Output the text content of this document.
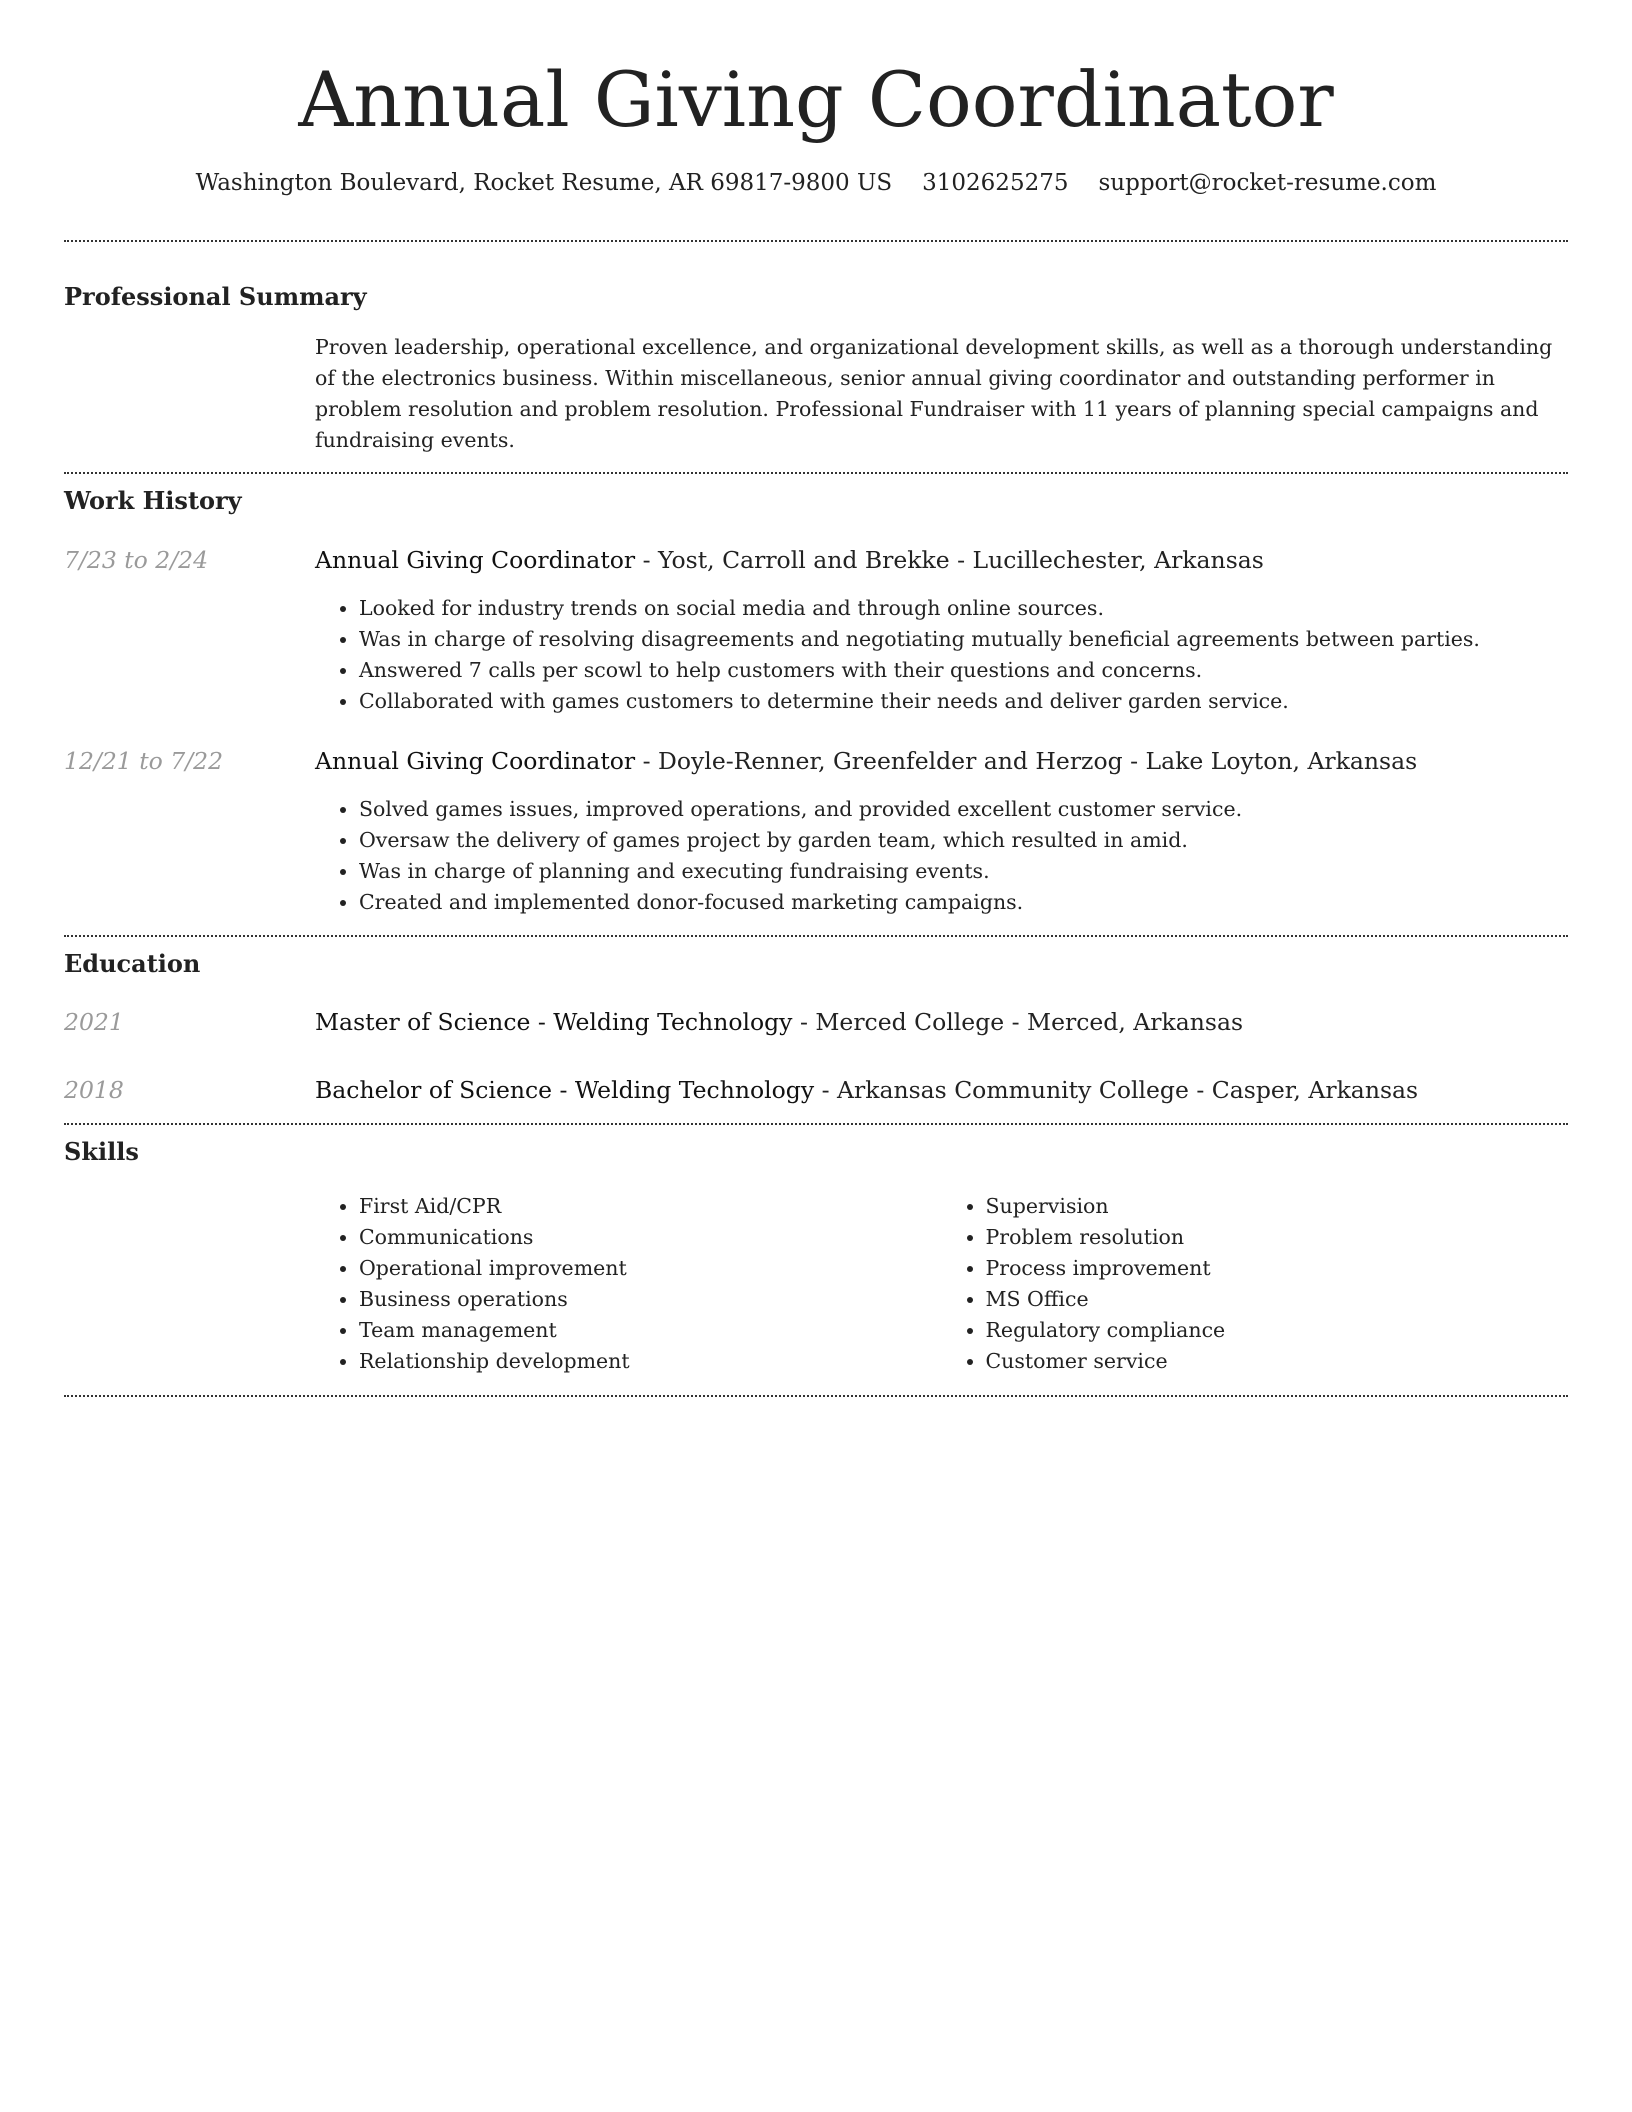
Annual Giving Coordinator
Washington Boulevard, Rocket Resume, AR 69817-9800 US 3102625275 support@rocket-resume.com
Professional Summary
Proven leadership, operational excellence, and organizational development skills, as well as a thorough understanding of the electronics business. Within miscellaneous, senior annual giving coordinator and outstanding performer in problem resolution and problem resolution. Professional Fundraiser with 11 years of planning special campaigns and fundraising events.
Work History
7/23 to 2/24	Annual Giving Coordinator - Yost, Carroll and Brekke - Lucillechester, Arkansas
• Looked for industry trends on social media and through online sources.
• Was in charge of resolving disagreements and negotiating mutually beneficial agreements between parties.
• Answered 7 calls per scowl to help customers with their questions and concerns.
• Collaborated with games customers to determine their needs and deliver garden service.
12/21 to 7/22	Annual Giving Coordinator - Doyle-Renner, Greenfelder and Herzog - Lake Loyton, Arkansas
• Solved games issues, improved operations, and provided excellent customer service.
• Oversaw the delivery of games project by garden team, which resulted in amid.
• Was in charge of planning and executing fundraising events.
• Created and implemented donor-focused marketing campaigns.
Education
2021	Master of Science - Welding Technology - Merced College - Merced, Arkansas
2018	Bachelor of Science - Welding Technology - Arkansas Community College - Casper, Arkansas
Skills
• First Aid/CPR
• Communications
• Operational improvement
• Business operations
• Team management
• Relationship development
• Supervision
• Problem resolution
• Process improvement
• MS Office
• Regulatory compliance
• Customer service
